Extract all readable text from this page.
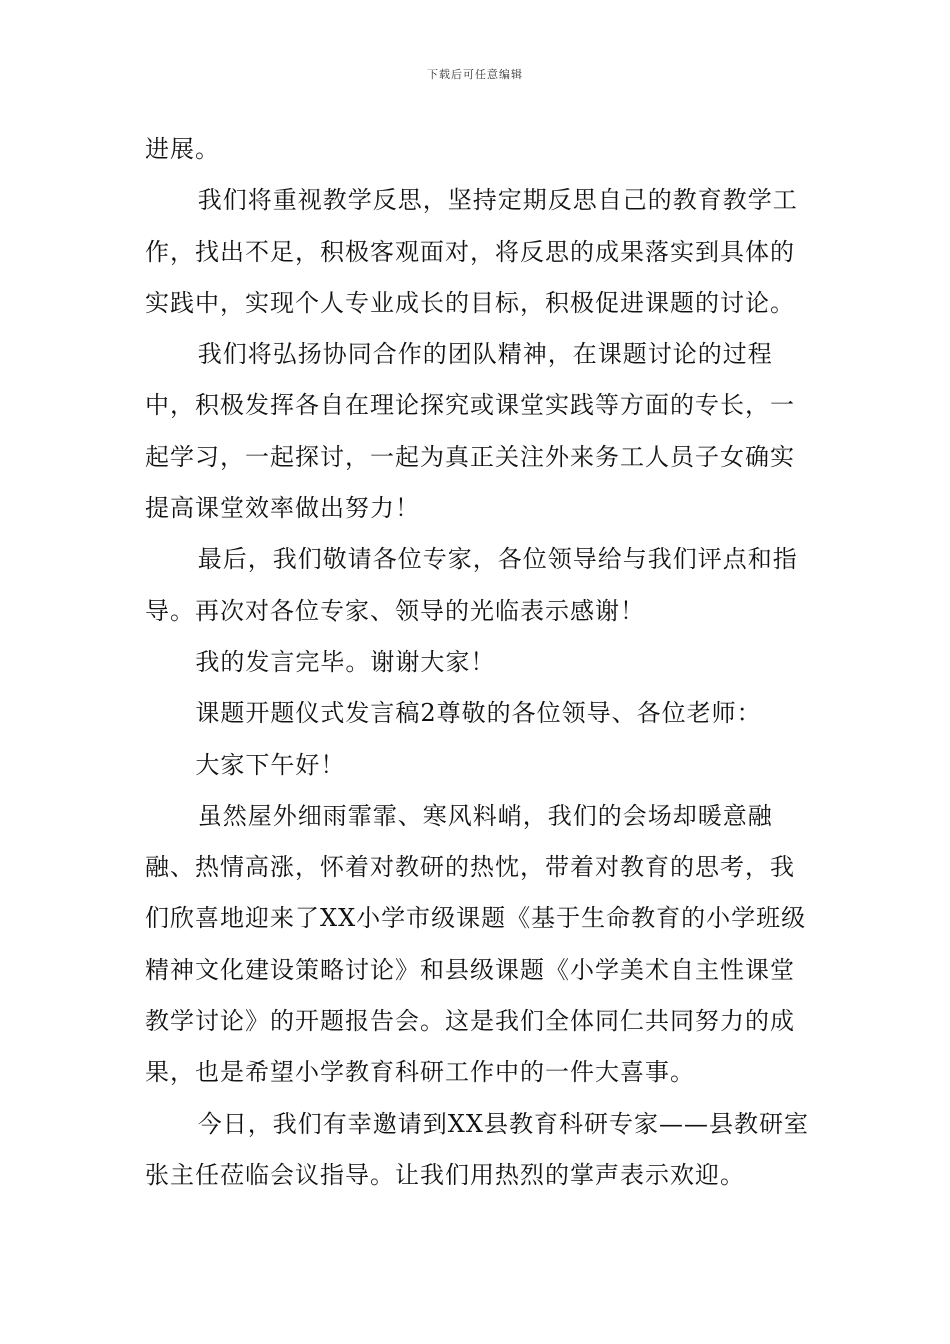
下载后可任意编辑

进展。

我们将重视教学反思，坚持定期反思自己的教育教学工作，找出不足，积极客观面对，将反思的成果落实到具体的实践中，实现个人专业成长的目标，积极促进课题的讨论。

我们将弘扬协同合作的团队精神，在课题讨论的过程中，积极发挥各自在理论探究或课堂实践等方面的专长，一起学习，一起探讨，一起为真正关注外来务工人员子女确实提高课堂效率做出努力！

最后，我们敬请各位专家，各位领导给与我们评点和指导。再次对各位专家、领导的光临表示感谢！

我的发言完毕。谢谢大家！

课题开题仪式发言稿2尊敬的各位领导、各位老师：

大家下午好！

虽然屋外细雨霏霏、寒风料峭，我们的会场却暖意融融、热情高涨，怀着对教研的热忱，带着对教育的思考，我们欣喜地迎来了XX小学市级课题《基于生命教育的小学班级精神文化建设策略讨论》和县级课题《小学美术自主性课堂教学讨论》的开题报告会。这是我们全体同仁共同努力的成果，也是希望小学教育科研工作中的一件大喜事。

今日，我们有幸邀请到XX县教育科研专家——县教研室张主任莅临会议指导。让我们用热烈的掌声表示欢迎。
